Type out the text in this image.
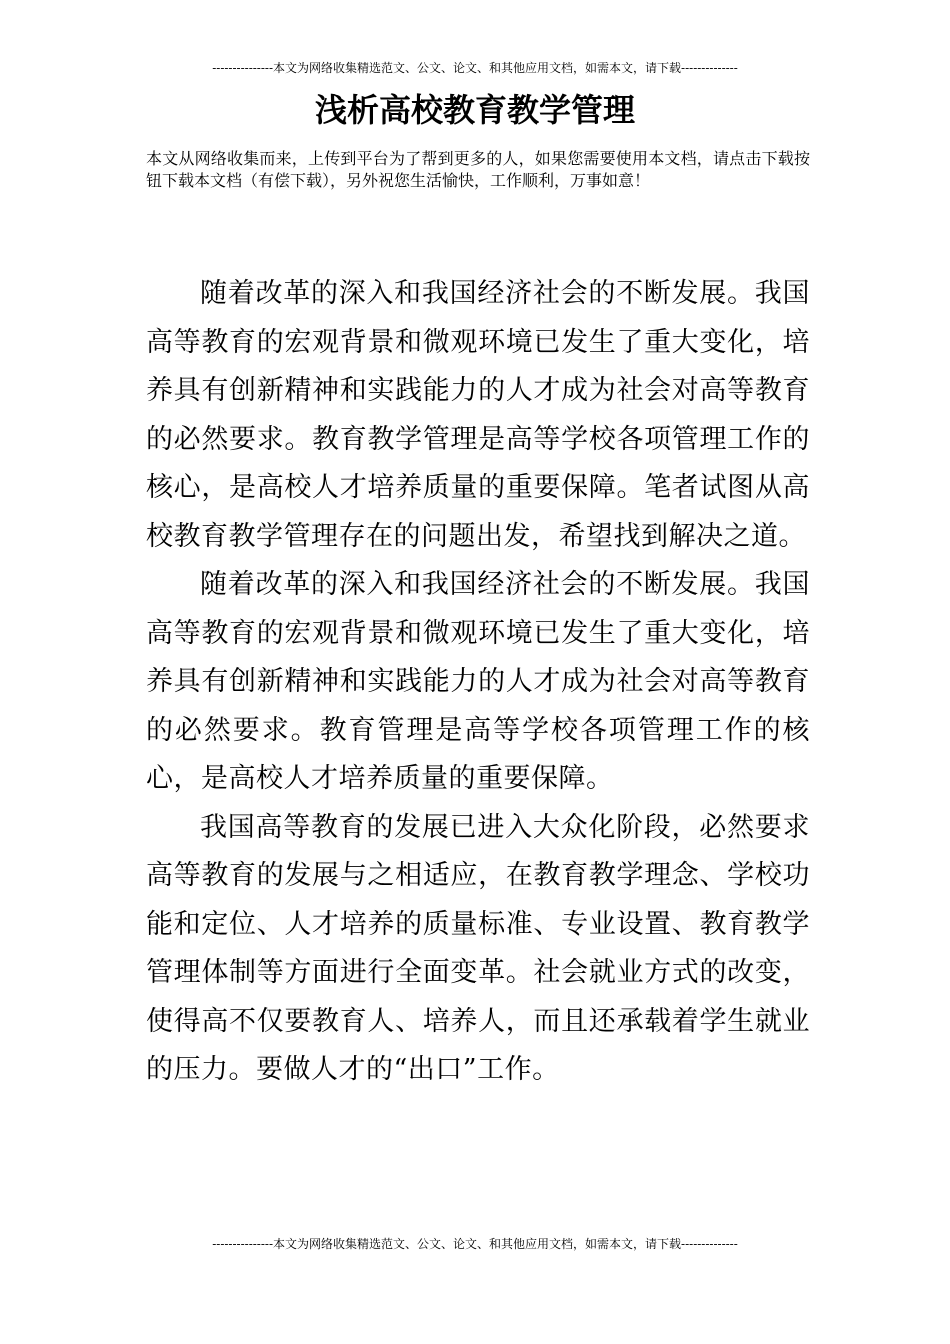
---------------本文为网络收集精选范文、公文、论文、和其他应用文档，如需本文，请下载--------------
浅析高校教育教学管理
本文从网络收集而来，上传到平台为了帮到更多的人，如果您需要使用本文档，请点击下载按钮下载本文档（有偿下载），另外祝您生活愉快，工作顺利，万事如意！

随着改革的深入和我国经济社会的不断发展。我国高等教育的宏观背景和微观环境已发生了重大变化，培养具有创新精神和实践能力的人才成为社会对高等教育的必然要求。教育教学管理是高等学校各项管理工作的核心，是高校人才培养质量的重要保障。笔者试图从高校教育教学管理存在的问题出发，希望找到解决之道。

随着改革的深入和我国经济社会的不断发展。我国高等教育的宏观背景和微观环境已发生了重大变化，培养具有创新精神和实践能力的人才成为社会对高等教育的必然要求。教育管理是高等学校各项管理工作的核心，是高校人才培养质量的重要保障。

我国高等教育的发展已进入大众化阶段，必然要求高等教育的发展与之相适应，在教育教学理念、学校功能和定位、人才培养的质量标准、专业设置、教育教学管理体制等方面进行全面变革。社会就业方式的改变，使得高不仅要教育人、培养人，而且还承载着学生就业的压力。要做人才的“出口”工作。

---------------本文为网络收集精选范文、公文、论文、和其他应用文档，如需本文，请下载--------------
